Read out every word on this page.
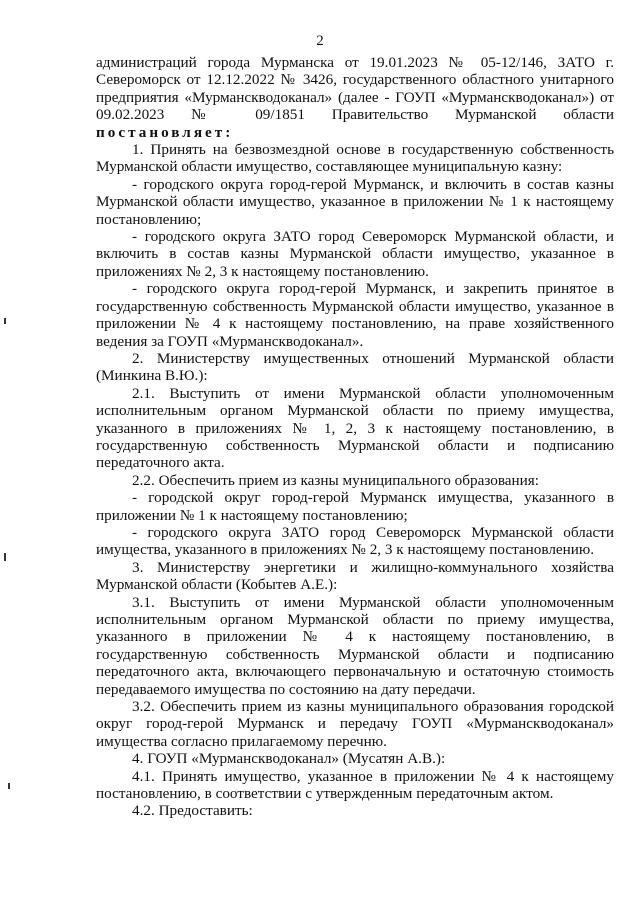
2

администраций города Мурманска от 19.01.2023 № 05-12/146, ЗАТО г. Североморск от 12.12.2022 № 3426, государственного областного унитарного предприятия «Мурманскводоканал» (далее - ГОУП «Мурманскводоканал») от 09.02.2023 № 09/1851 Правительство Мурманской области постановляет:

1. Принять на безвозмездной основе в государственную собственность Мурманской области имущество, составляющее муниципальную казну:

- городского округа город-герой Мурманск, и включить в состав казны Мурманской области имущество, указанное в приложении № 1 к настоящему постановлению;

- городского округа ЗАТО город Североморск Мурманской области, и включить в состав казны Мурманской области имущество, указанное в приложениях № 2, 3 к настоящему постановлению.

- городского округа город-герой Мурманск, и закрепить принятое в государственную собственность Мурманской области имущество, указанное в приложении № 4 к настоящему постановлению, на праве хозяйственного ведения за ГОУП «Мурманскводоканал».

2. Министерству имущественных отношений Мурманской области (Минкина В.Ю.):

2.1. Выступить от имени Мурманской области уполномоченным исполнительным органом Мурманской области по приему имущества, указанного в приложениях № 1, 2, 3 к настоящему постановлению, в государственную собственность Мурманской области и подписанию передаточного акта.

2.2. Обеспечить прием из казны муниципального образования:

- городской округ город-герой Мурманск имущества, указанного в приложении № 1 к настоящему постановлению;

- городского округа ЗАТО город Североморск Мурманской области имущества, указанного в приложениях № 2, 3 к настоящему постановлению.

3. Министерству энергетики и жилищно-коммунального хозяйства Мурманской области (Кобытев А.Е.):

3.1. Выступить от имени Мурманской области уполномоченным исполнительным органом Мурманской области по приему имущества, указанного в приложении № 4 к настоящему постановлению, в государственную собственность Мурманской области и подписанию передаточного акта, включающего первоначальную и остаточную стоимость передаваемого имущества по состоянию на дату передачи.

3.2. Обеспечить прием из казны муниципального образования городской округ город-герой Мурманск и передачу ГОУП «Мурманскводоканал» имущества согласно прилагаемому перечню.

4. ГОУП «Мурманскводоканал» (Мусатян А.В.):

4.1. Принять имущество, указанное в приложении № 4 к настоящему постановлению, в соответствии с утвержденным передаточным актом.

4.2. Предоставить:
